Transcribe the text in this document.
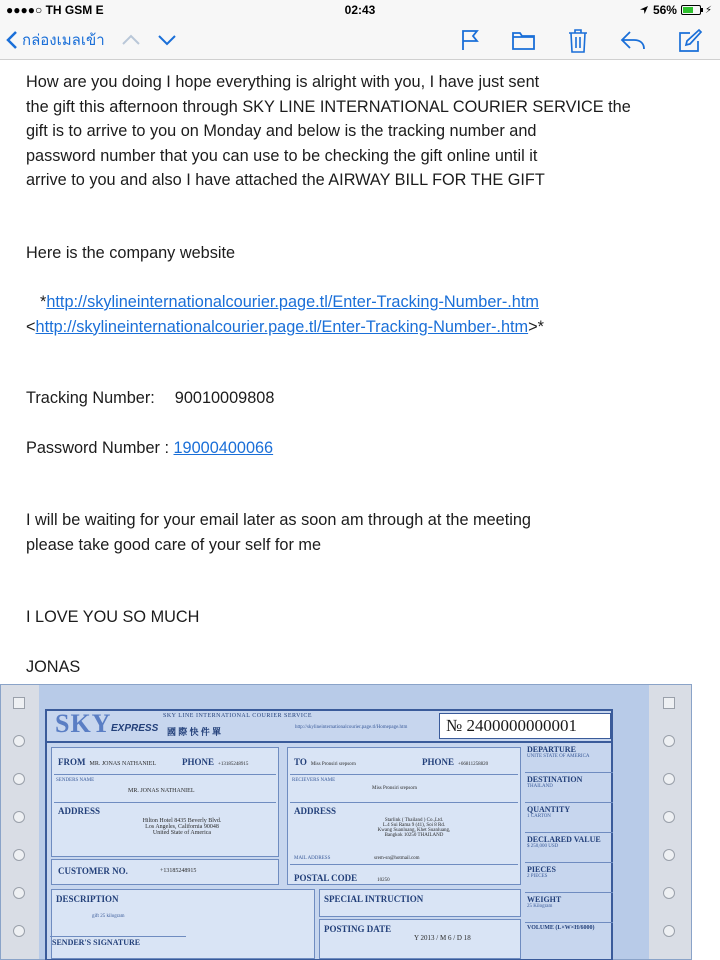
●●●●○ TH GSM E	02:43	56%	⚡
กล่องเมลเข้า

How are you doing I hope everything is alright with you, I have just sent

the gift this afternoon through SKY LINE INTERNATIONAL COURIER SERVICE the

gift is to arrive to you on Monday and below is the tracking number and

password number that you can use to be checking the gift online until it

arrive to you and also I have attached the AIRWAY BILL FOR THE GIFT

Here is the company website

*http://skylineinternationalcourier.page.tl/Enter-Tracking-Number-.htm

<http://skylineinternationalcourier.page.tl/Enter-Tracking-Number-.htm>*

Tracking Number: 90010009808

Password Number : 19000400066

I will be waiting for your email later as soon am through at the meeting

please take good care of your self for me

I LOVE YOU SO MUCH

JONAS

SKY EXPRESS 國 際 快 件 單
SKY LINE INTERNATIONAL COURIER SERVICE
http://skylineinternationalcourier.page.tl/Homepage.htm	№ 2400000000001
FROM MR. JONAS NATHANIEL	PHONE +13185248915
SENDERS NAME
MR. JONAS NATHANIEL
ADDRESS
Hilton Hotel 8435 Beverly Blvd.
Los Angeles, California 90048
United State of America
CUSTOMER NO.	+13185248915
TO Miss Pronsiri srepsorn	PHONE +66811258820
RECIEVERS NAME
Miss Pronsiri srepsorn
ADDRESS
Starlink ( Thailand ) Co.,Ltd.
L.4 Sui Rama 9 (41), Soi 8 Rd.
Kwang Suanluang, Khet Suanluang,
Bangkok 10250 THAILAND
MAIL ADDRESS	srem-sn@hotmail.com
POSTAL CODE	10250
DEPARTURE
UNITE STATE OF AMERICA
DESTINATION
THAILAND
QUANTITY
1 CARTON
DECLARED VALUE
$ 250,000 USD
PIECES
2 PIECES
WEIGHT
25 Kilogram
VOLUME (L×W×H/6000)
DESCRIPTION
gift 25 kilogram
SENDER'S SIGNATURE
SPECIAL INTRUCTION
POSTING DATE
Y 2013 / M 6 / D 18
